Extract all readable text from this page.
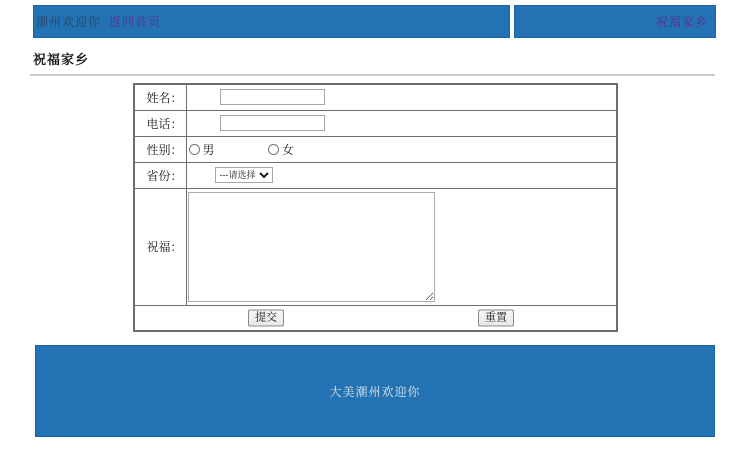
潮州欢迎你 返回首页	祝福家乡
祝福家乡
姓名：	
电话：	
性别：	男
女

省份：	
---请选择---
祝福：	

提交 重置	
大美潮州欢迎你
